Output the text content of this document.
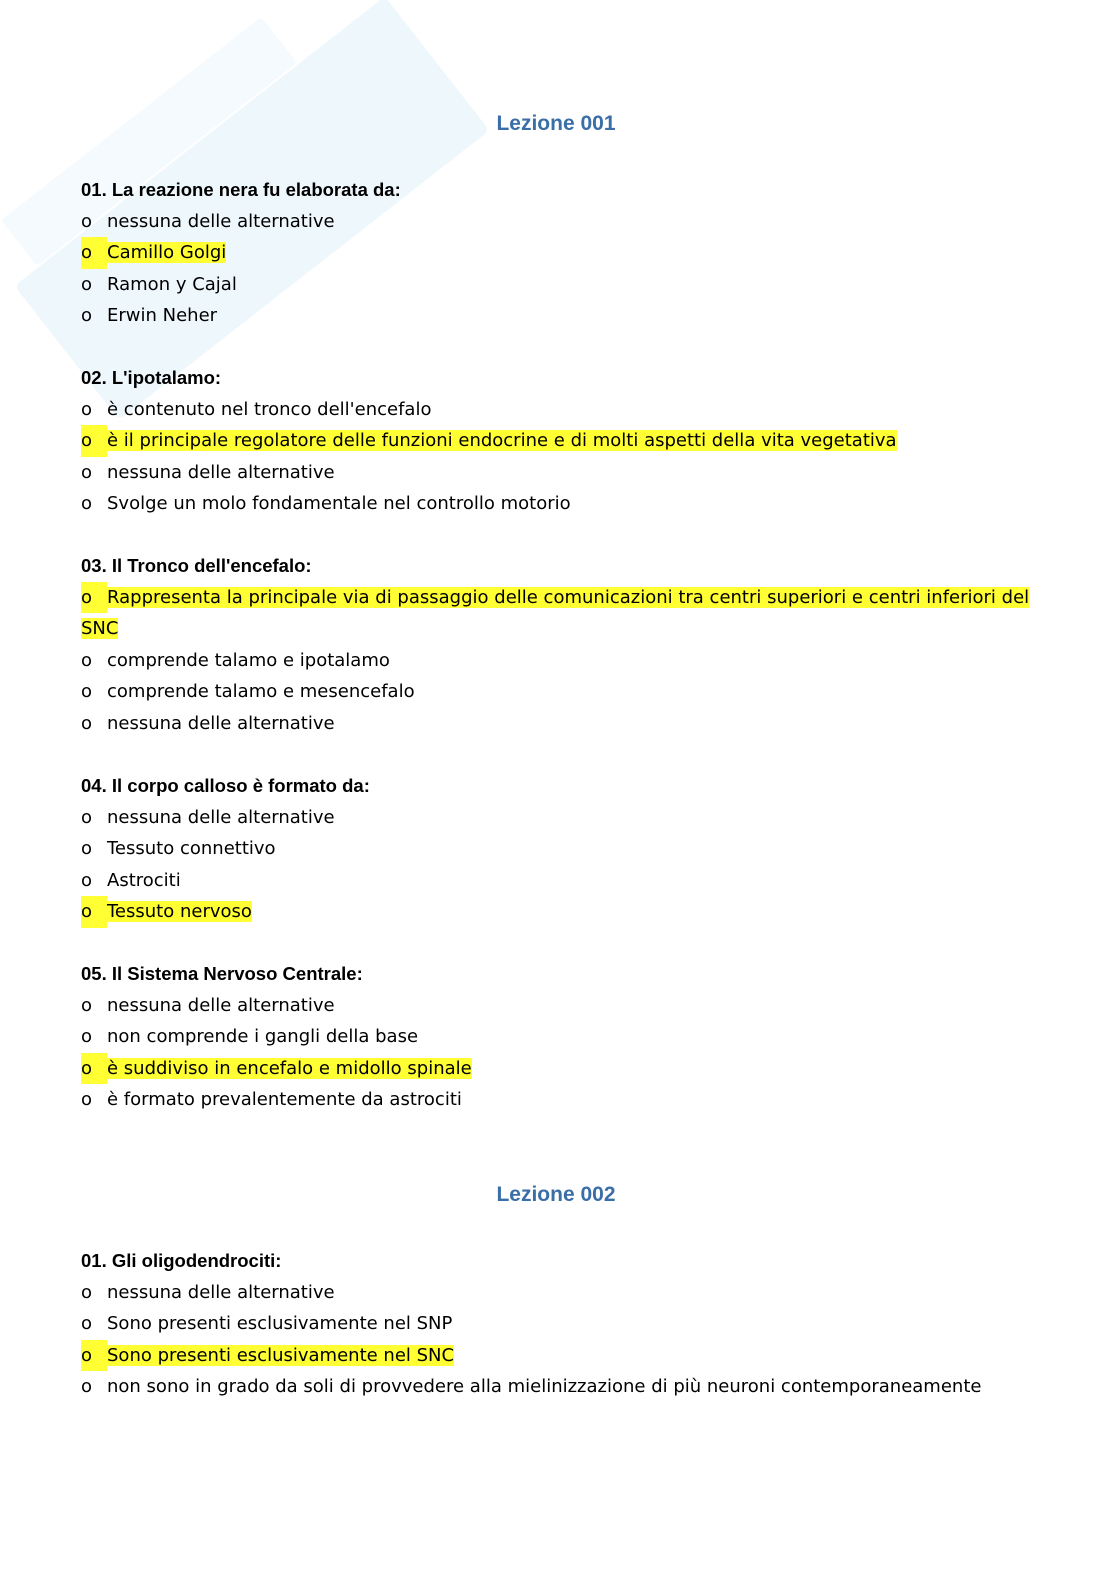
Lezione 001

01. La reazione nera fu elaborata da:

o nessuna delle alternative
o Camillo Golgi
o Ramon y Cajal
o Erwin Neher

02. L'ipotalamo:

o è contenuto nel tronco dell'encefalo
o è il principale regolatore delle funzioni endocrine e di molti aspetti della vita vegetativa
o nessuna delle alternative
o Svolge un molo fondamentale nel controllo motorio

03. Il Tronco dell'encefalo:

o Rappresenta la principale via di passaggio delle comunicazioni tra centri superiori e centri inferiori del SNC
o comprende talamo e ipotalamo
o comprende talamo e mesencefalo
o nessuna delle alternative

04. Il corpo calloso è formato da:

o nessuna delle alternative
o Tessuto connettivo
o Astrociti
o Tessuto nervoso

05. Il Sistema Nervoso Centrale:

o nessuna delle alternative
o non comprende i gangli della base
o è suddiviso in encefalo e midollo spinale
o è formato prevalentemente da astrociti
Lezione 002

01. Gli oligodendrociti:

o nessuna delle alternative
o Sono presenti esclusivamente nel SNP
o Sono presenti esclusivamente nel SNC
o non sono in grado da soli di provvedere alla mielinizzazione di più neuroni contemporaneamente
